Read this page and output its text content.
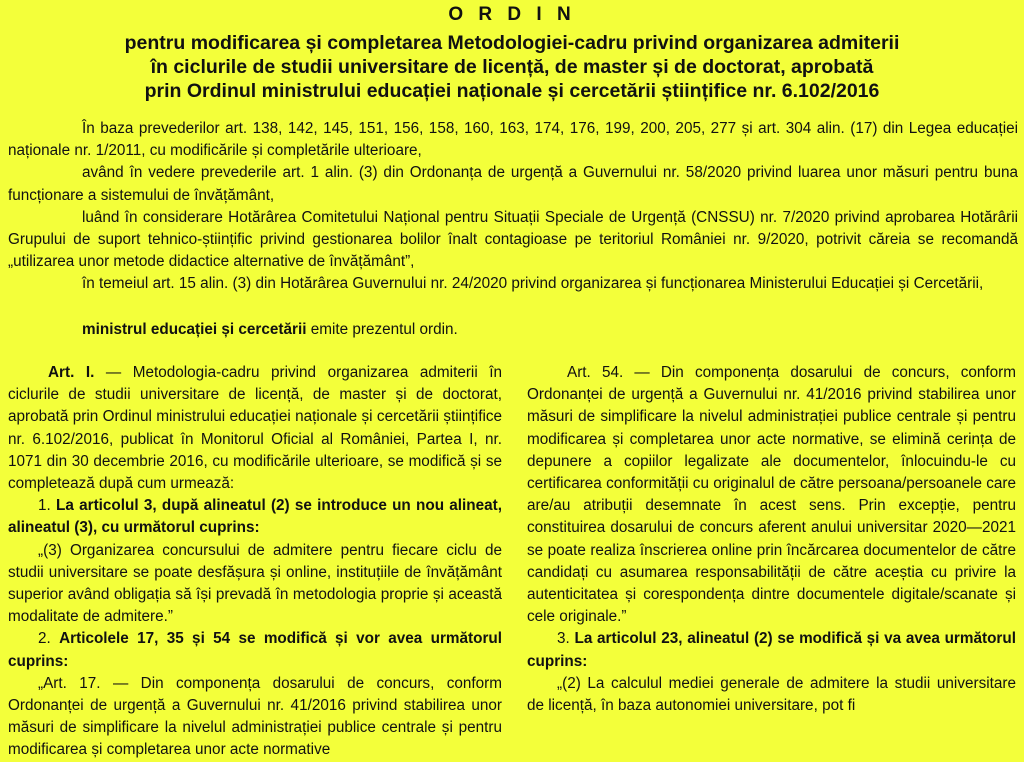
O R D I N
pentru modificarea și completarea Metodologiei-cadru privind organizarea admiterii
în ciclurile de studii universitare de licență, de master și de doctorat, aprobată
prin Ordinul ministrului educației naționale și cercetării științifice nr. 6.102/2016

În baza prevederilor art. 138, 142, 145, 151, 156, 158, 160, 163, 174, 176, 199, 200, 205, 277 și art. 304 alin. (17) din Legea educației naționale nr. 1/2011, cu modificările și completările ulterioare,

având în vedere prevederile art. 1 alin. (3) din Ordonanța de urgență a Guvernului nr. 58/2020 privind luarea unor măsuri pentru buna funcționare a sistemului de învățământ,

luând în considerare Hotărârea Comitetului Național pentru Situații Speciale de Urgență (CNSSU) nr. 7/2020 privind aprobarea Hotărârii Grupului de suport tehnico-științific privind gestionarea bolilor înalt contagioase pe teritoriul României nr. 9/2020, potrivit căreia se recomandă „utilizarea unor metode didactice alternative de învățământ”,

în temeiul art. 15 alin. (3) din Hotărârea Guvernului nr. 24/2020 privind organizarea și funcționarea Ministerului Educației și Cercetării,

ministrul educației și cercetării emite prezentul ordin.

Art. I. — Metodologia-cadru privind organizarea admiterii în ciclurile de studii universitare de licență, de master și de doctorat, aprobată prin Ordinul ministrului educației naționale și cercetării științifice nr. 6.102/2016, publicat în Monitorul Oficial al României, Partea I, nr. 1071 din 30 decembrie 2016, cu modificările ulterioare, se modifică și se completează după cum urmează:

1. La articolul 3, după alineatul (2) se introduce un nou alineat, alineatul (3), cu următorul cuprins:

„(3) Organizarea concursului de admitere pentru fiecare ciclu de studii universitare se poate desfășura și online, instituțiile de învățământ superior având obligația să își prevadă în metodologia proprie și această modalitate de admitere.”

2. Articolele 17, 35 și 54 se modifică și vor avea următorul cuprins:

„Art. 17. — Din componența dosarului de concurs, conform Ordonanței de urgență a Guvernului nr. 41/2016 privind stabilirea unor măsuri de simplificare la nivelul administrației publice centrale și pentru modificarea și completarea unor acte normative

Art. 54. — Din componența dosarului de concurs, conform Ordonanței de urgență a Guvernului nr. 41/2016 privind stabilirea unor măsuri de simplificare la nivelul administrației publice centrale și pentru modificarea și completarea unor acte normative, se elimină cerința de depunere a copiilor legalizate ale documentelor, înlocuindu-le cu certificarea conformității cu originalul de către persoana/persoanele care are/au atribuții desemnate în acest sens. Prin excepție, pentru constituirea dosarului de concurs aferent anului universitar 2020—2021 se poate realiza înscrierea online prin încărcarea documentelor de către candidați cu asumarea responsabilității de către aceștia cu privire la autenticitatea și corespondența dintre documentele digitale/scanate și cele originale.”

3. La articolul 23, alineatul (2) se modifică și va avea următorul cuprins:

„(2) La calculul mediei generale de admitere la studii universitare de licență, în baza autonomiei universitare, pot fi
